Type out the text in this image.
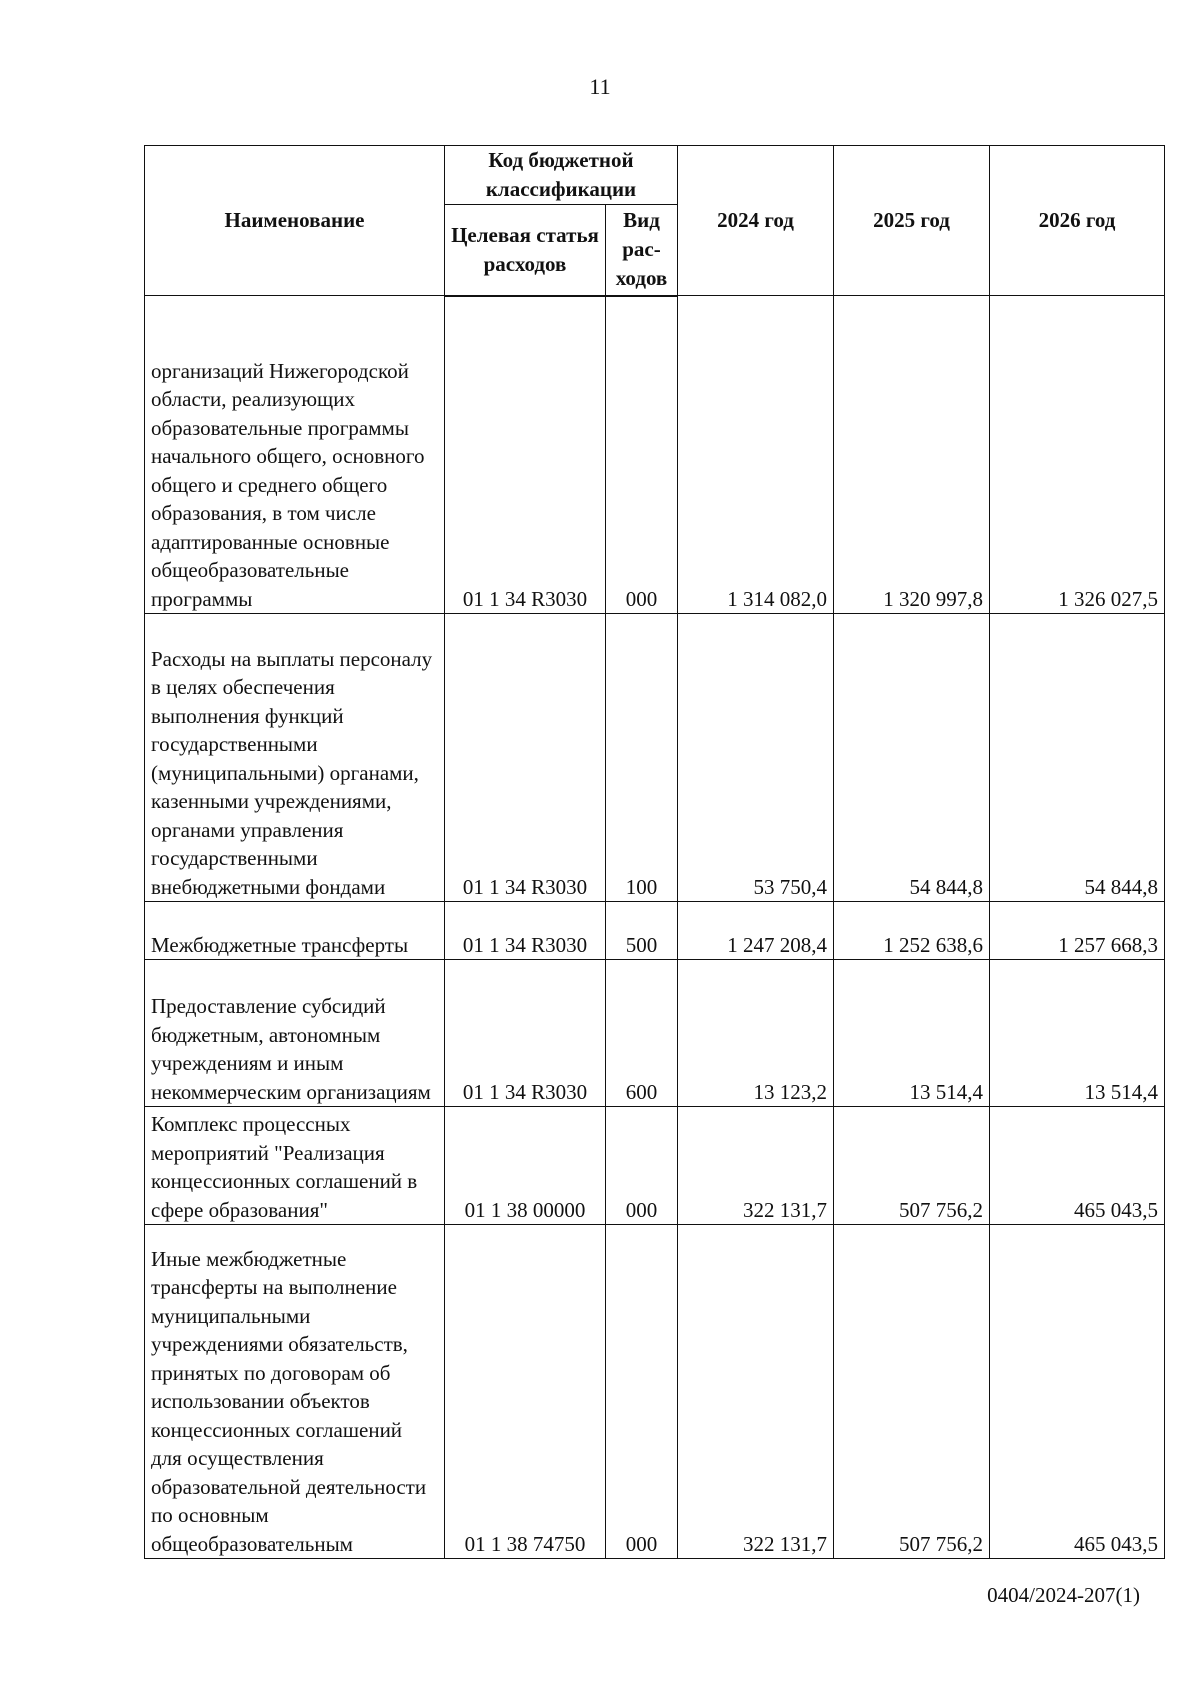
11
Наименование	Код бюджетной классификации		2024 год	2025 год	2026 год
	Целевая статья расходов	Вид рас-ходов			
организаций Нижегородской области, реализующих образовательные программы начального общего, основного общего и среднего общего образования, в том числе адаптированные основные общеобразовательные программы	01 1 34 R3030	000	1 314 082,0	1 320 997,8	1 326 027,5
Расходы на выплаты персоналу в целях обеспечения выполнения функций государственными (муниципальными) органами, казенными учреждениями, органами управления государственными внебюджетными фондами	01 1 34 R3030	100	53 750,4	54 844,8	54 844,8
Межбюджетные трансферты	01 1 34 R3030	500	1 247 208,4	1 252 638,6	1 257 668,3
Предоставление субсидий бюджетным, автономным учреждениям и иным некоммерческим организациям	01 1 34 R3030	600	13 123,2	13 514,4	13 514,4
Комплекс процессных мероприятий "Реализация концессионных соглашений в сфере образования"	01 1 38 00000	000	322 131,7	507 756,2	465 043,5
Иные межбюджетные трансферты на выполнение муниципальными учреждениями обязательств, принятых по договорам об использовании объектов концессионных соглашений для осуществления образовательной деятельности по основным общеобразовательным	01 1 38 74750	000	322 131,7	507 756,2	465 043,5
0404/2024-207(1)
